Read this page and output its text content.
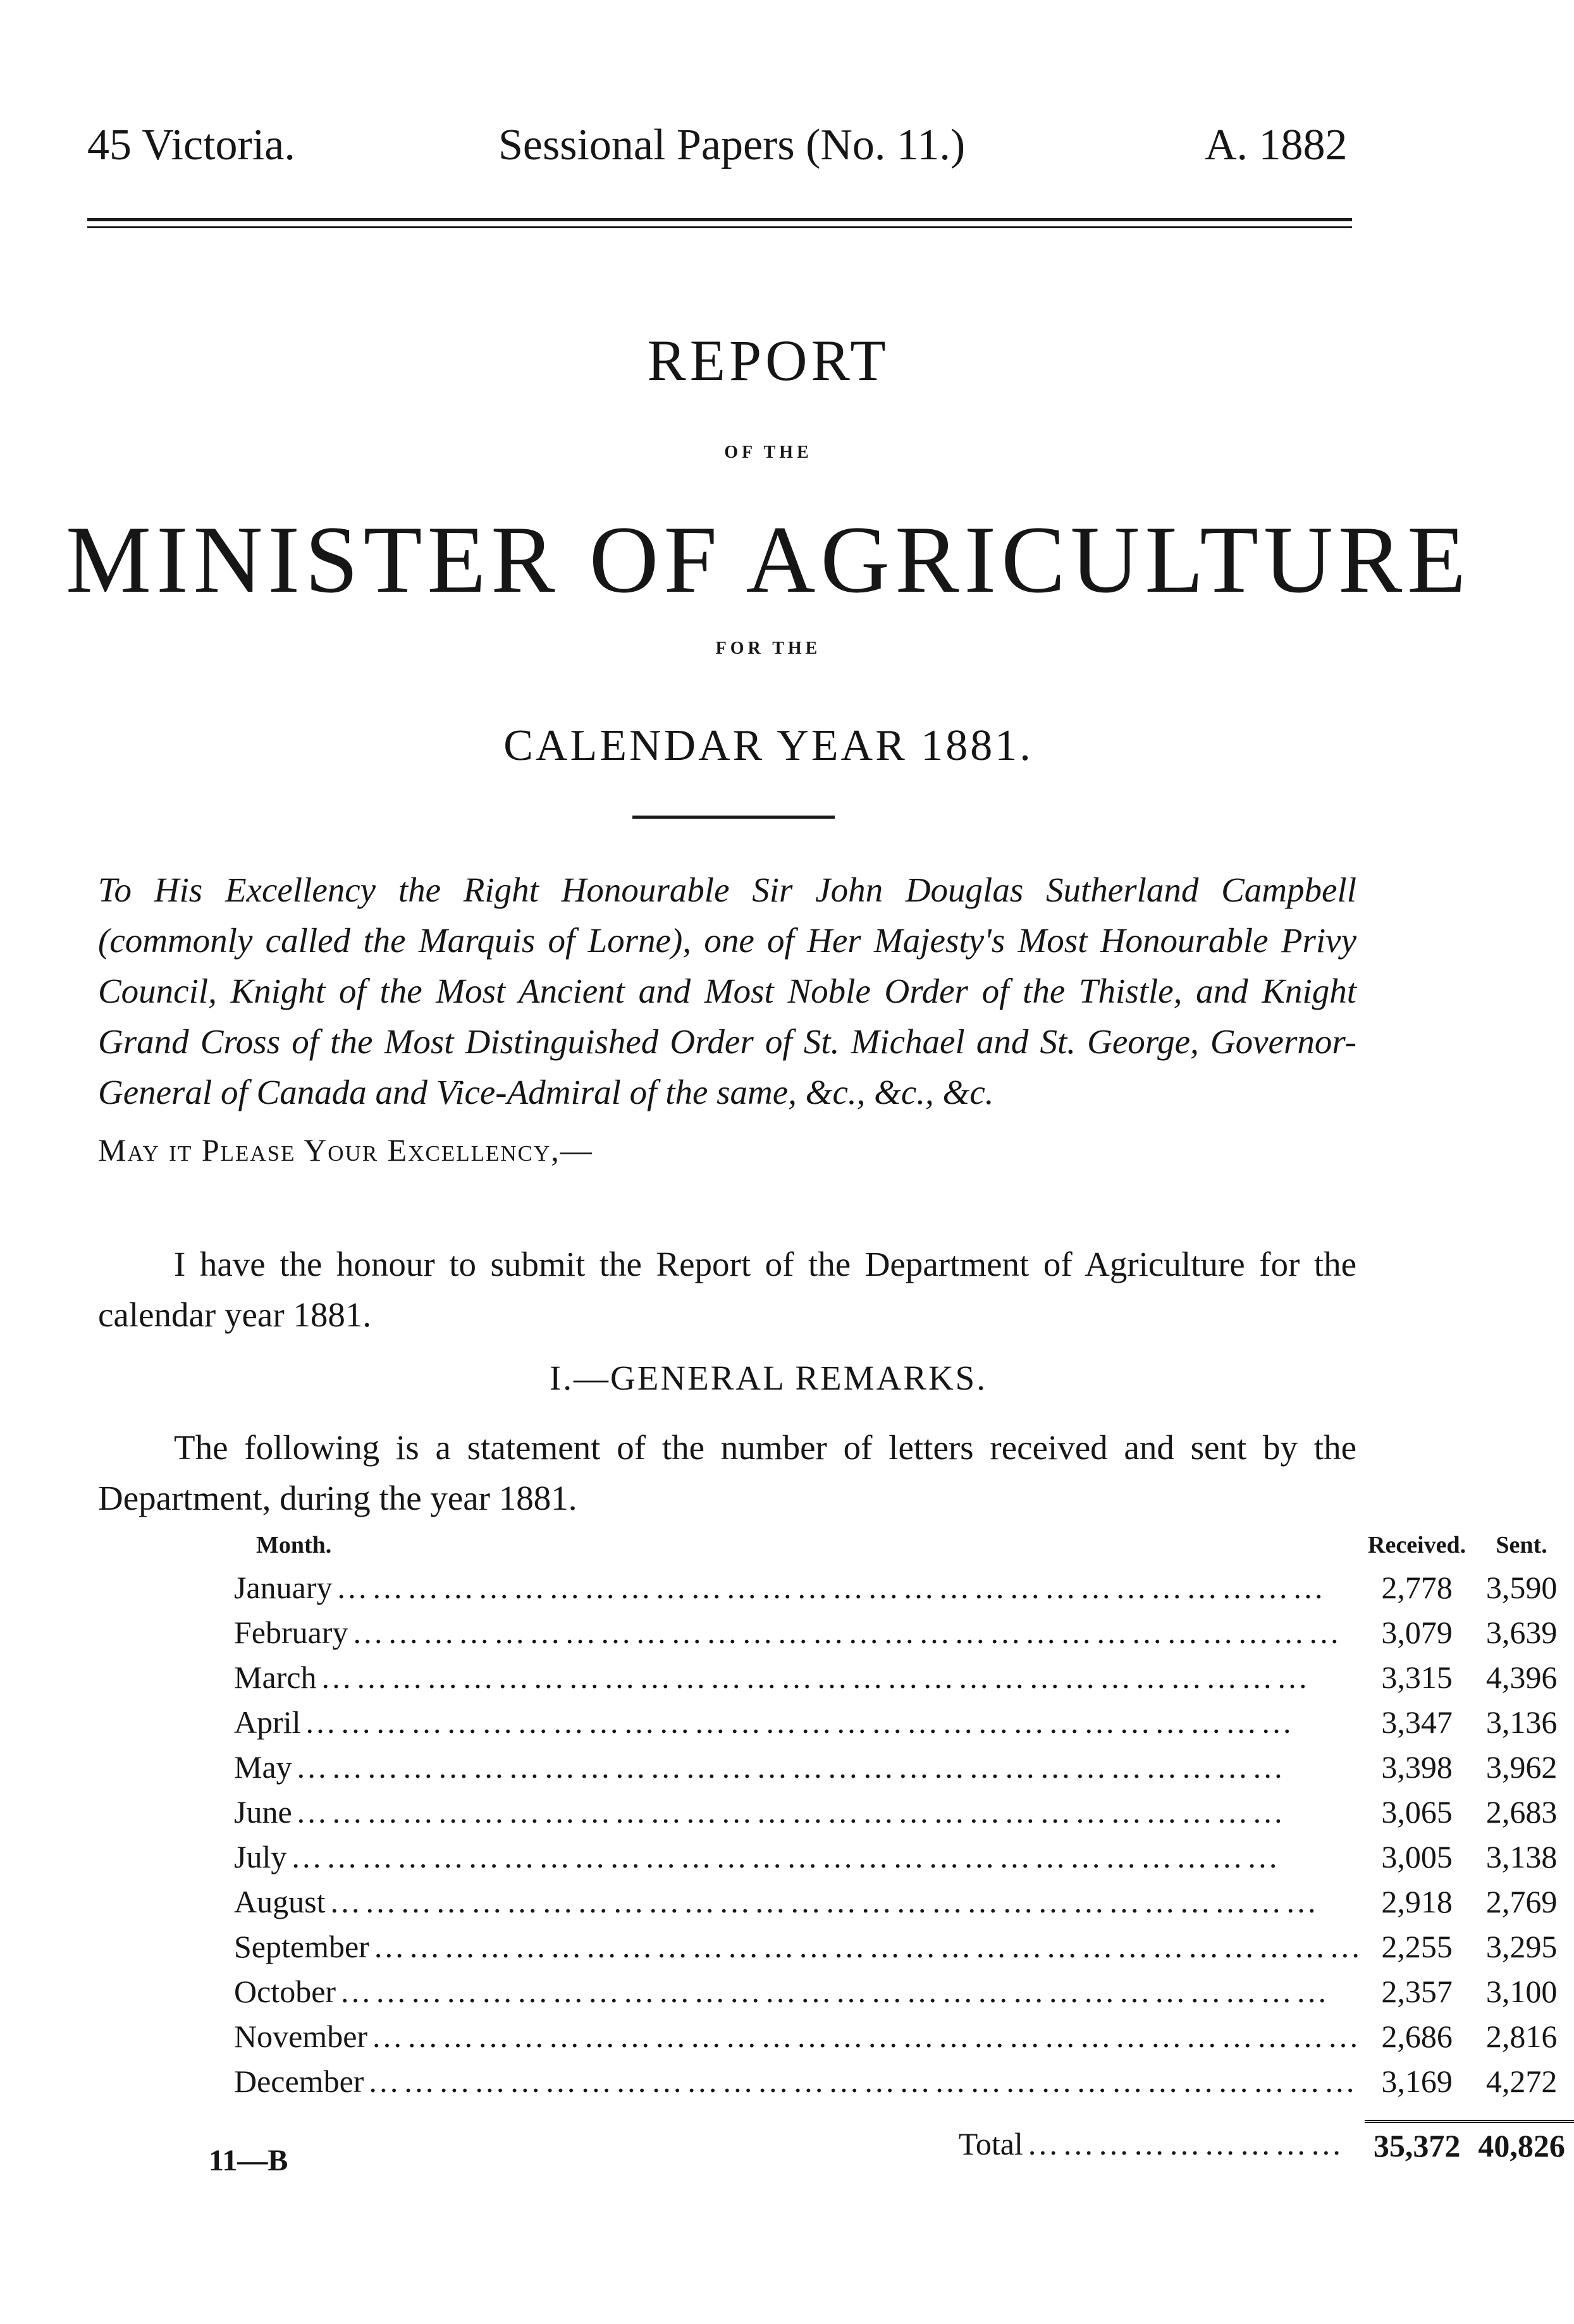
45 Victoria.	Sessional Papers (No. 11.)	A. 1882
REPORT
OF THE
MINISTER OF AGRICULTURE
FOR THE
CALENDAR YEAR 1881.
To His Excellency the Right Honourable Sir John Douglas Sutherland Campbell (commonly called the Marquis of Lorne), one of Her Majesty's Most Honourable Privy Council, Knight of the Most Ancient and Most Noble Order of the Thistle, and Knight Grand Cross of the Most Distinguished Order of St. Michael and St. George, Governor-General of Canada and Vice-Admiral of the same, &c., &c., &c.
May it Please Your Excellency,—
I have the honour to submit the Report of the Department of Agriculture for the calendar year 1881.
I.—GENERAL REMARKS.
The following is a statement of the number of letters received and sent by the Department, during the year 1881.
Month.	Received.	Sent.
January …………………………………………………………………………	2,778	3,590
February …………………………………………………………………………	3,079	3,639
March …………………………………………………………………………	3,315	4,396
April …………………………………………………………………………	3,347	3,136
May …………………………………………………………………………	3,398	3,962
June …………………………………………………………………………	3,065	2,683
July …………………………………………………………………………	3,005	3,138
August …………………………………………………………………………	2,918	2,769
September …………………………………………………………………………	2,255	3,295
October …………………………………………………………………………	2,357	3,100
November …………………………………………………………………………	2,686	2,816
December …………………………………………………………………………	3,169	4,272
Total ………………………	35,372	40,826
11—B
